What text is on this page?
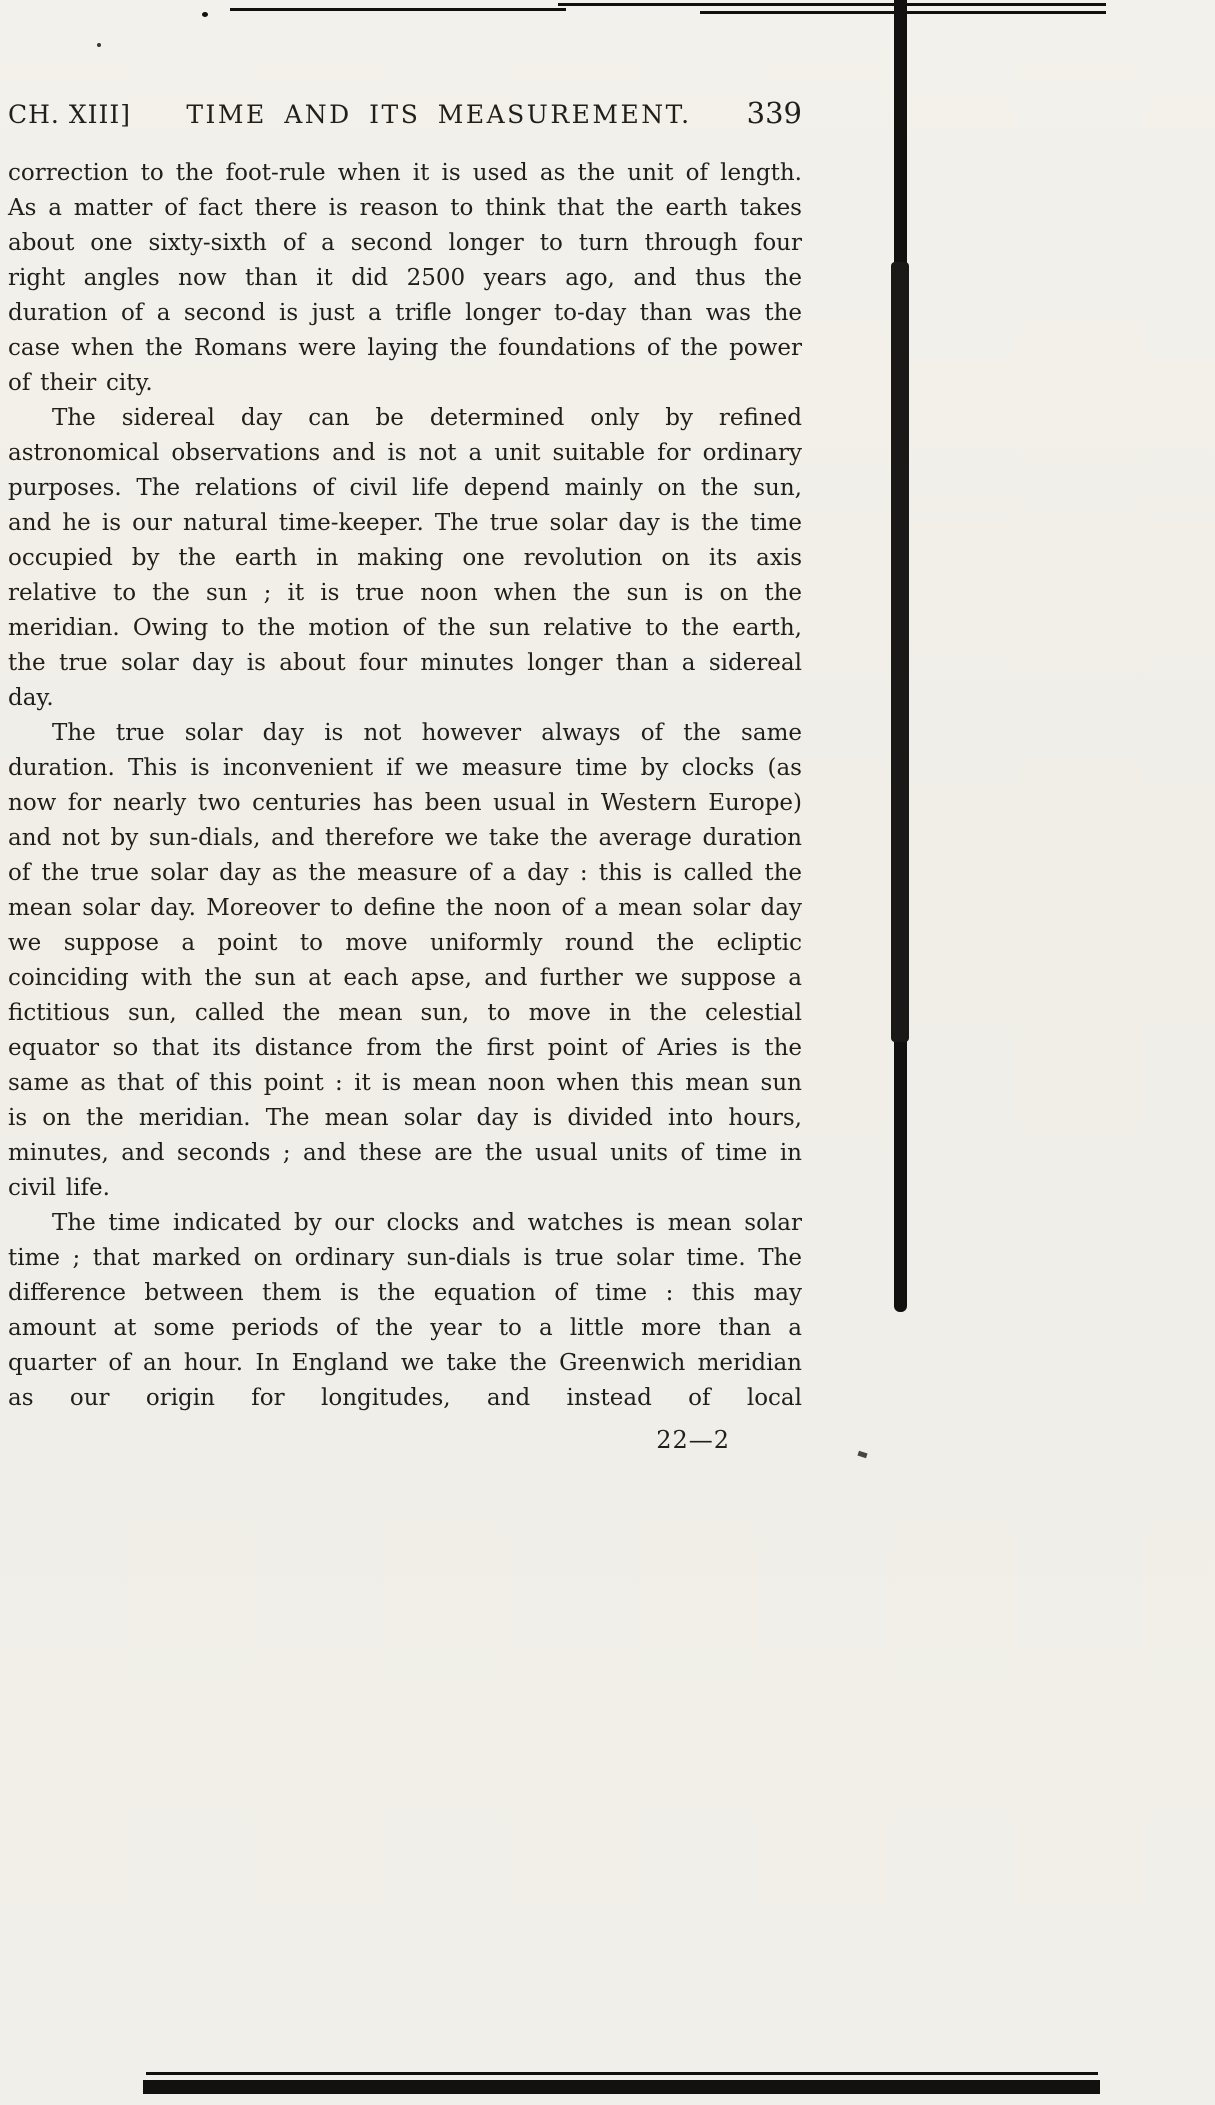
CH. XIII]	TIME AND ITS MEASUREMENT.	339

correction to the foot-rule when it is used as the unit of length. As a matter of fact there is reason to think that the earth takes about one sixty-sixth of a second longer to turn through four right angles now than it did 2500 years ago, and thus the duration of a second is just a trifle longer to-day than was the case when the Romans were laying the foundations of the power of their city.

The sidereal day can be determined only by refined astronomical observations and is not a unit suitable for ordinary purposes. The relations of civil life depend mainly on the sun, and he is our natural time-keeper. The true solar day is the time occupied by the earth in making one revolution on its axis relative to the sun ; it is true noon when the sun is on the meridian. Owing to the motion of the sun relative to the earth, the true solar day is about four minutes longer than a sidereal day.

The true solar day is not however always of the same duration. This is inconvenient if we measure time by clocks (as now for nearly two centuries has been usual in Western Europe) and not by sun-dials, and therefore we take the average duration of the true solar day as the measure of a day : this is called the mean solar day. Moreover to define the noon of a mean solar day we suppose a point to move uniformly round the ecliptic coinciding with the sun at each apse, and further we suppose a fictitious sun, called the mean sun, to move in the celestial equator so that its distance from the first point of Aries is the same as that of this point : it is mean noon when this mean sun is on the meridian. The mean solar day is divided into hours, minutes, and seconds ; and these are the usual units of time in civil life.

The time indicated by our clocks and watches is mean solar time ; that marked on ordinary sun-dials is true solar time. The difference between them is the equation of time : this may amount at some periods of the year to a little more than a quarter of an hour. In England we take the Greenwich meridian as our origin for longitudes, and instead of local

22—2
